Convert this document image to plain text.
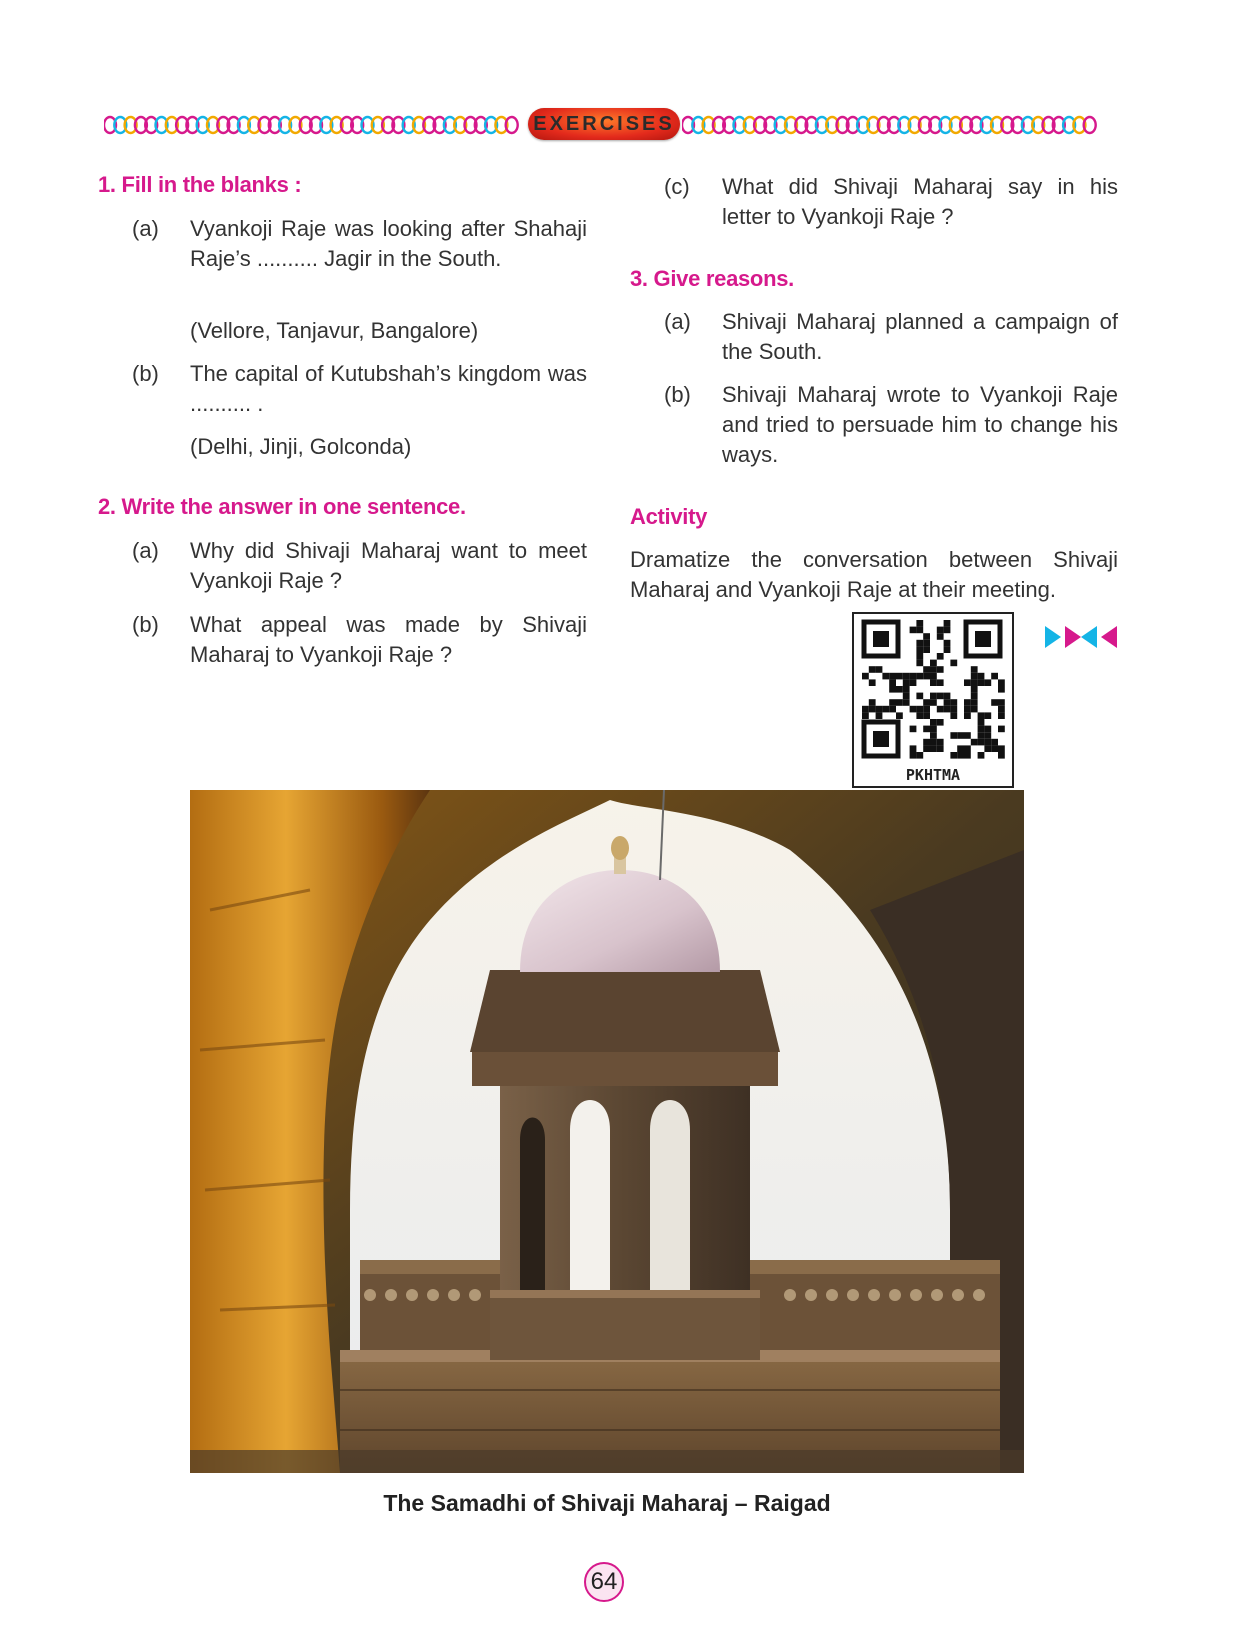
EXERCISES
1. Fill in the blanks :
(a)	Vyankoji Raje was looking after Shahaji Raje’s .......... Jagir in the South.
(Vellore, Tanjavur, Bangalore)
(b)	The capital of Kutubshah’s kingdom was .......... .
(Delhi, Jinji, Golconda)
2. Write the answer in one sentence.
(a)	Why did Shivaji Maharaj want to meet Vyankoji Raje ?
(b)	What appeal was made by Shivaji Maharaj to Vyankoji Raje ?
(c)	What did Shivaji Maharaj say in his letter to Vyankoji Raje ?
3. Give reasons.
(a)	Shivaji Maharaj planned a campaign of the South.
(b)	Shivaji Maharaj wrote to Vyankoji Raje and tried to persuade him to change his ways.
Activity
Dramatize the conversation between Shivaji Maharaj and Vyankoji Raje at their meeting.
PKHTMA
The Samadhi of Shivaji Maharaj – Raigad
64
